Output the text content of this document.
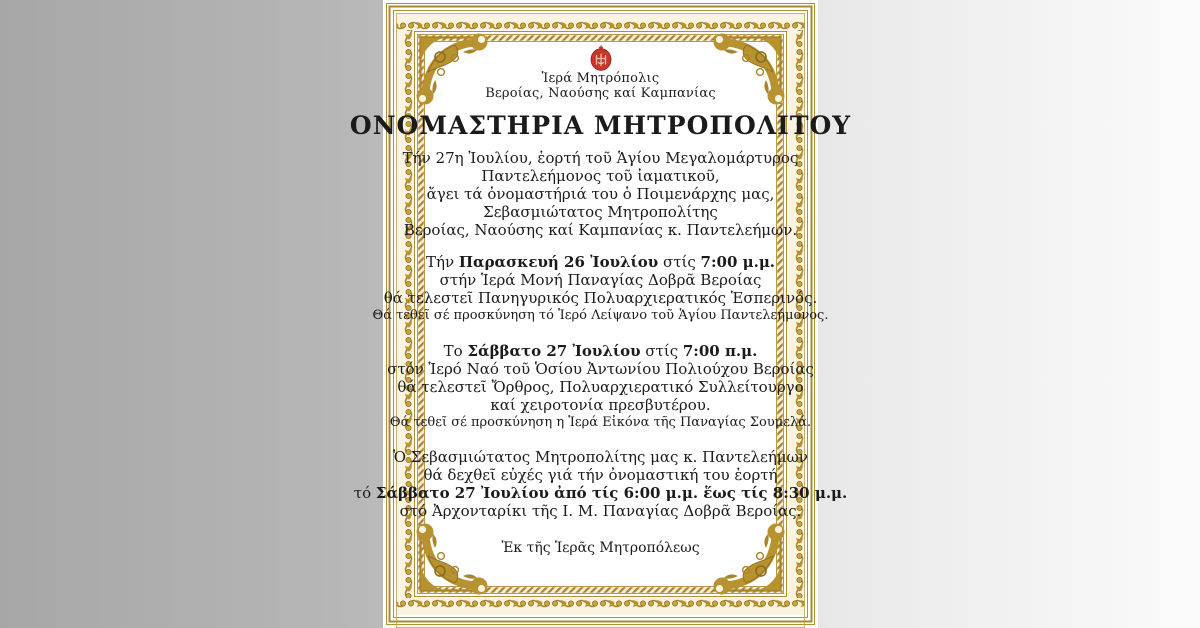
Ἱερά Μητρόπολις
Βεροίας, Ναούσης καί Καμπανίας
ΟΝΟΜΑΣΤΗΡΙΑ ΜΗΤΡΟΠΟΛΙΤΟΥ
Τήν 27η Ἰουλίου, ἑορτή τοῦ Ἁγίου Μεγαλομάρτυρος
Παντελεήμονος τοῦ ἰαματικοῦ,
ἄγει τά ὀνομαστήριά του ὁ Ποιμενάρχης μας,
Σεβασμιώτατος Μητροπολίτης
Βεροίας, Ναούσης καί Καμπανίας κ. Παντελεήμων.
Τήν Παρασκευή 26 Ἰουλίου στίς 7:00 μ.μ.
στήν Ἱερά Μονή Παναγίας Δοβρᾶ Βεροίας
θά τελεστεῖ Πανηγυρικός Πολυαρχιερατικός Ἑσπερινός.
Θά τεθεῖ σέ προσκύνηση τό Ἱερό Λείψανο τοῦ Ἁγίου Παντελεήμονος.
Το Σάββατο 27 Ἰουλίου στίς 7:00 π.μ.
στόν Ἱερό Ναό τοῦ Ὁσίου Ἀντωνίου Πολιούχου Βεροίας
θά τελεστεῖ Ὄρθρος, Πολυαρχιερατικό Συλλείτουργο
καί χειροτονία πρεσβυτέρου.
Θά τεθεῖ σέ προσκύνηση η Ἱερά Εἰκόνα τῆς Παναγίας Σουμελά.
Ὁ Σεβασμιώτατος Μητροπολίτης μας κ. Παντελεήμων
θά δεχθεῖ εὐχές γιά τήν ὀνομαστική του ἑορτή
τό Σάββατο 27 Ἰουλίου ἀπό τίς 6:00 μ.μ. ἕως τίς 8:30 μ.μ.
στό Ἀρχονταρίκι τῆς Ι. Μ. Παναγίας Δοβρᾶ Βεροίας.
Ἐκ τῆς Ἱερᾶς Μητροπόλεως
